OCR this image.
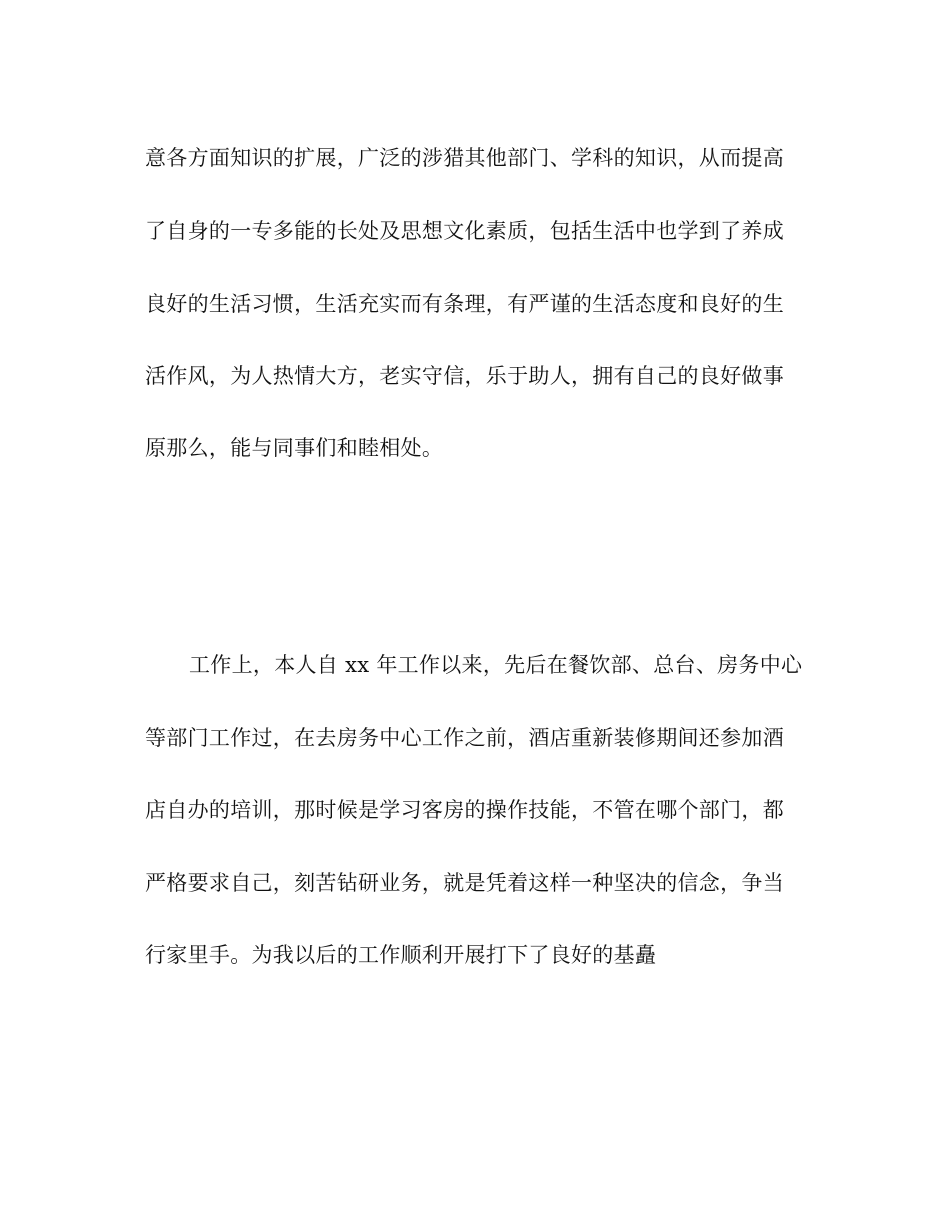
意各方面知识的扩展，广泛的涉猎其他部门、学科的知识，从而提高
了自身的一专多能的长处及思想文化素质，包括生活中也学到了养成
良好的生活习惯，生活充实而有条理，有严谨的生活态度和良好的生
活作风，为人热情大方，老实守信，乐于助人，拥有自己的良好做事
原那么，能与同事们和睦相处。
工作上，本人自 xx 年工作以来，先后在餐饮部、总台、房务中心
等部门工作过，在去房务中心工作之前，酒店重新装修期间还参加酒
店自办的培训，那时候是学习客房的操作技能，不管在哪个部门，都
严格要求自己，刻苦钻研业务，就是凭着这样一种坚决的信念，争当
行家里手。为我以后的工作顺利开展打下了良好的基矗
